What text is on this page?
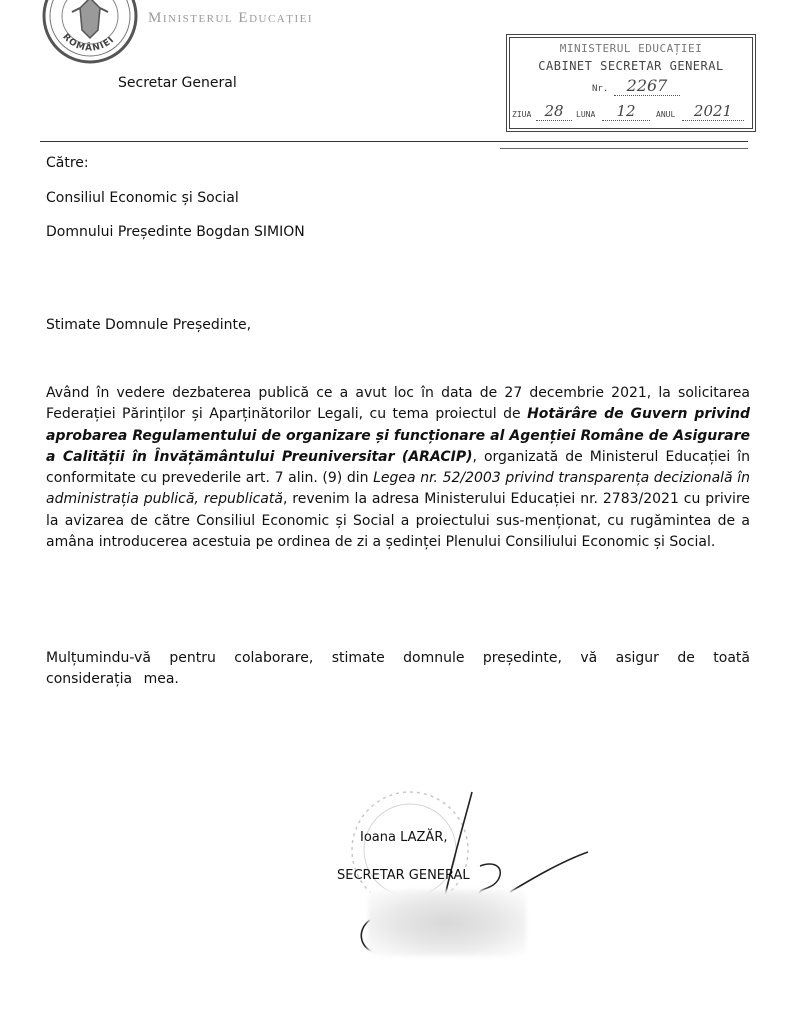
ROMÂNIEI
Ministerul Educației
Secretar General
MINISTERUL EDUCAȚIEI
CABINET SECRETAR GENERAL
Nr.	2267
ZIUA 28	LUNA	12	ANUL	2021
Către:
Consiliul Economic și Social
Domnului Președinte Bogdan SIMION
Stimate Domnule Președinte,
Având în vedere dezbaterea publică ce a avut loc în data de 27 decembrie 2021, la solicitarea Federației Părinților și Aparținătorilor Legali, cu tema proiectul de Hotărâre de Guvern privind aprobarea Regulamentului de organizare și funcționare al Agenției Române de Asigurare a Calității în Învățământului Preuniversitar (ARACIP), organizată de Ministerul Educației în conformitate cu prevederile art. 7 alin. (9) din Legea nr. 52/2003 privind transparența decizională în administrația publică, republicată, revenim la adresa Ministerului Educației nr. 2783/2021 cu privire la avizarea de către Consiliul Economic și Social a proiectului sus-menționat, cu rugămintea de a amâna introducerea acestuia pe ordinea de zi a ședinței Plenului Consiliului Economic și Social.
Mulțumindu-vă pentru colaborare, stimate domnule președinte, vă asigur de toată considerația mea.
Ioana LAZĂR,
SECRETAR GENERAL
